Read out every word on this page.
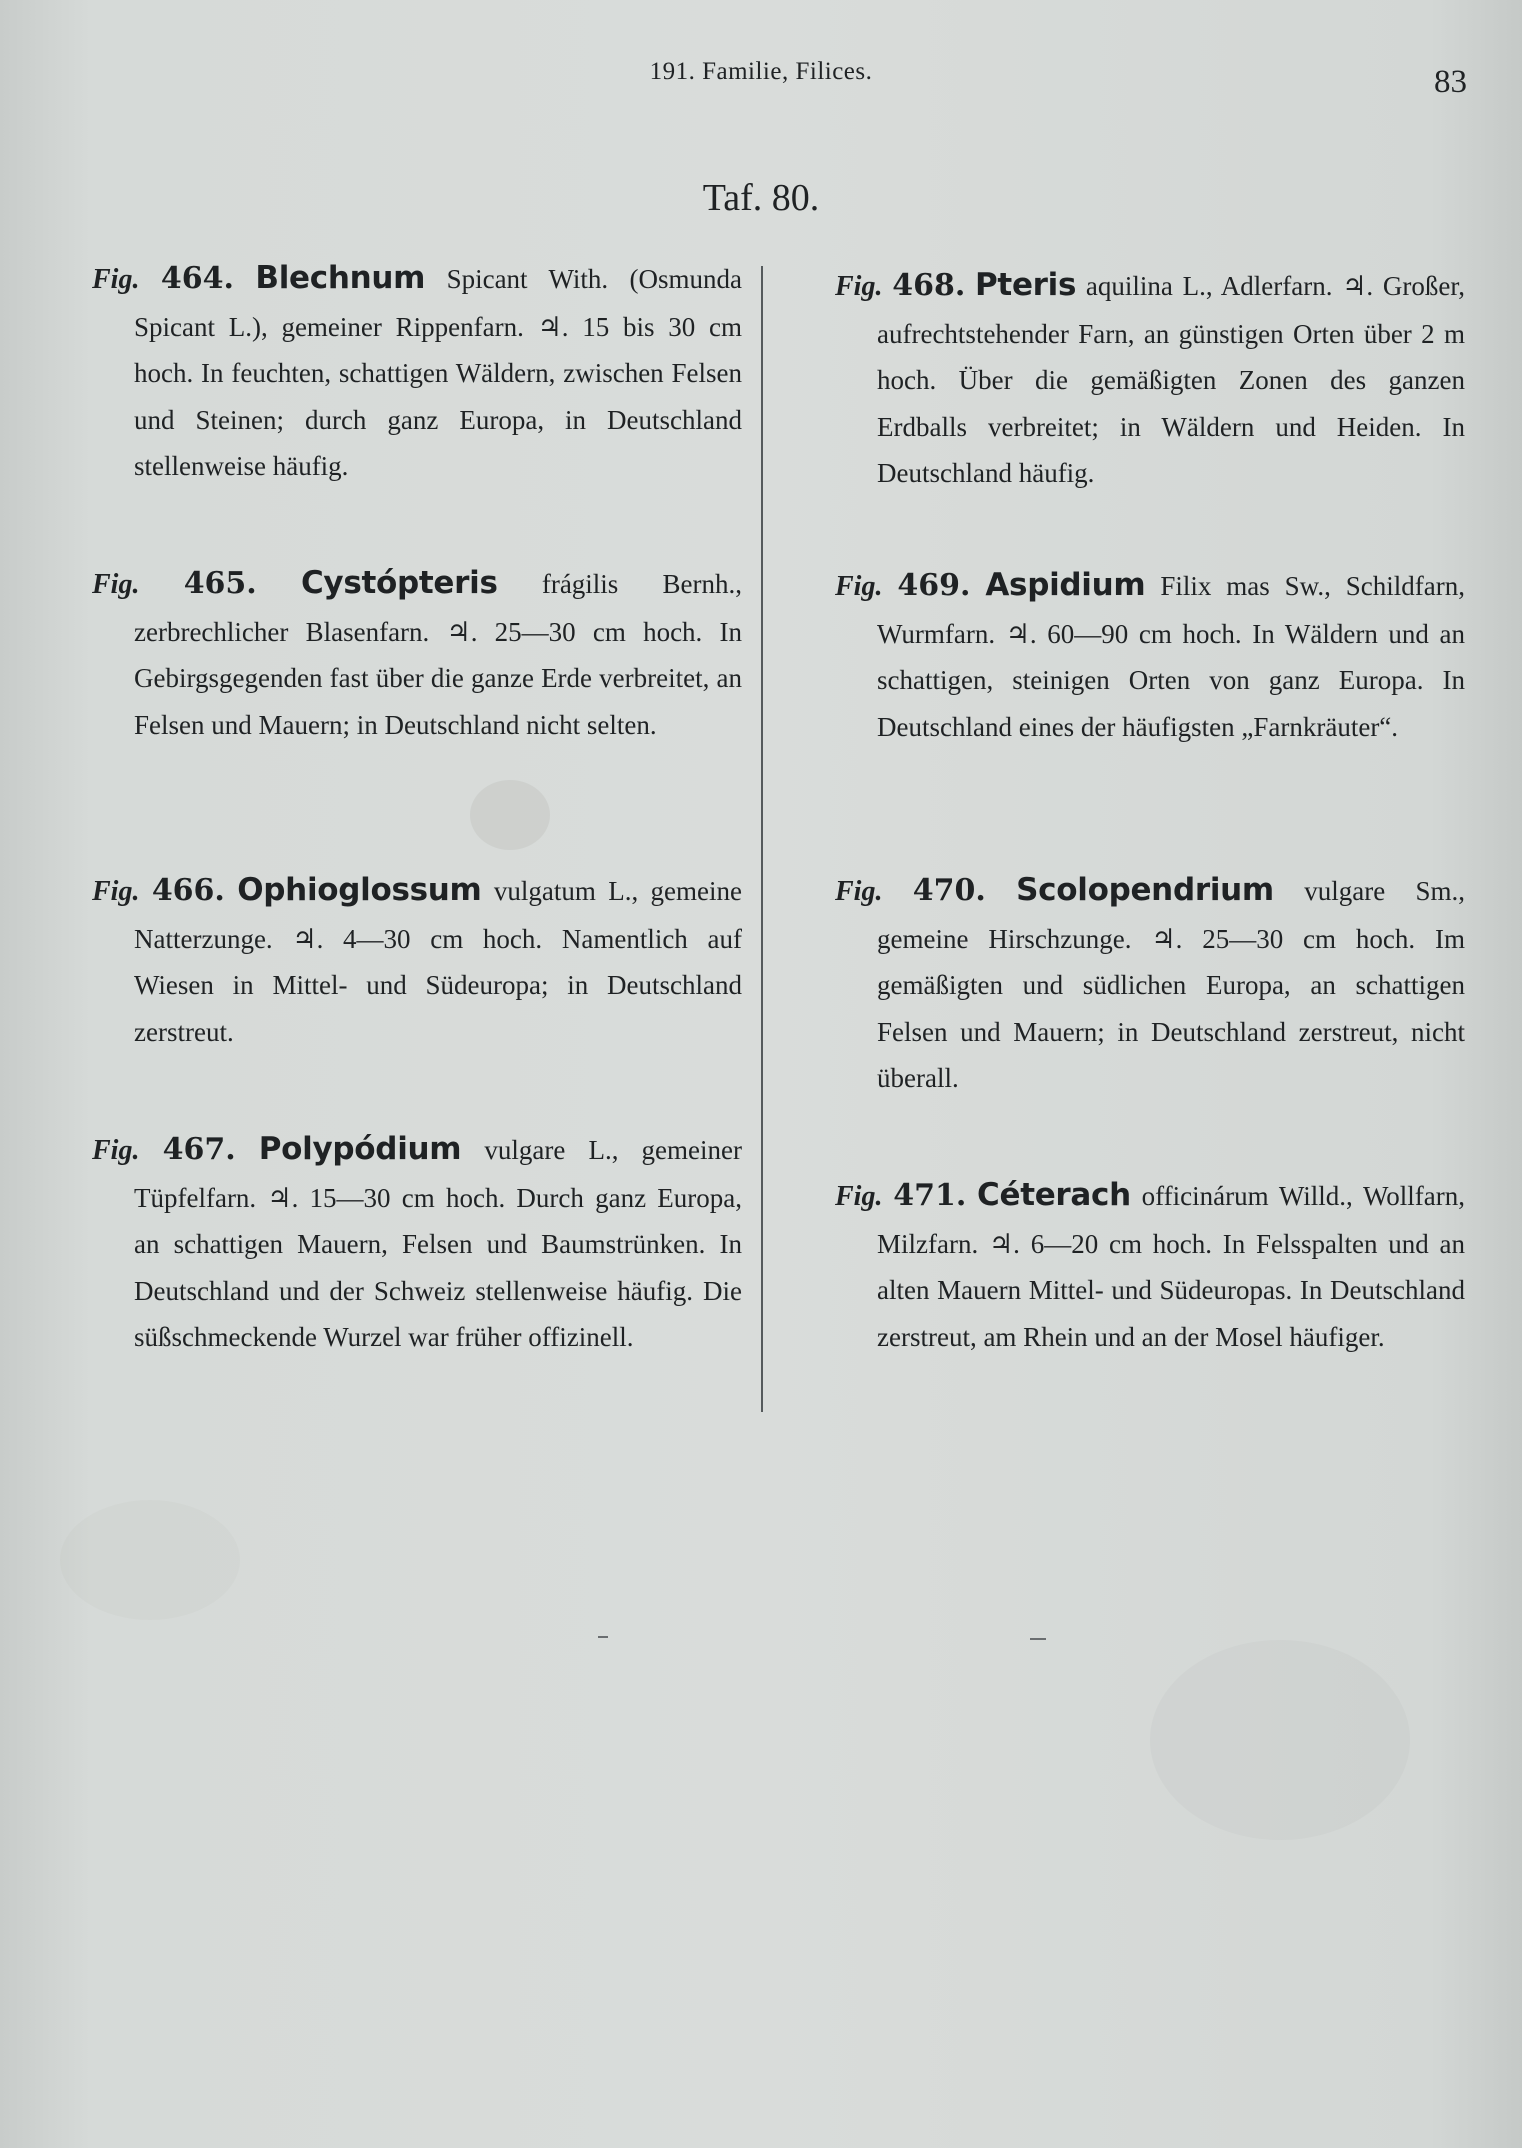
191. Familie, Filices.	83
Taf. 80.

Fig. 464. Blechnum Spicant With. (Osmunda Spicant L.), gemeiner Rippenfarn. ♃. 15 bis 30 cm hoch. In feuchten, schattigen Wäldern, zwischen Felsen und Steinen; durch ganz Europa, in Deutschland stellenweise häufig.

Fig. 465. Cystópteris frágilis Bernh., zerbrechlicher Blasenfarn. ♃. 25—30 cm hoch. In Gebirgsgegenden fast über die ganze Erde verbreitet, an Felsen und Mauern; in Deutschland nicht selten.

Fig. 466. Ophioglossum vulgatum L., gemeine Natterzunge. ♃. 4—30 cm hoch. Namentlich auf Wiesen in Mittel- und Südeuropa; in Deutschland zerstreut.

Fig. 467. Polypódium vulgare L., gemeiner Tüpfelfarn. ♃. 15—30 cm hoch. Durch ganz Europa, an schattigen Mauern, Felsen und Baumstrünken. In Deutschland und der Schweiz stellenweise häufig. Die süßschmeckende Wurzel war früher offizinell.

Fig. 468. Pteris aquilina L., Adlerfarn. ♃. Großer, aufrechtstehender Farn, an günstigen Orten über 2 m hoch. Über die gemäßigten Zonen des ganzen Erdballs verbreitet; in Wäldern und Heiden. In Deutschland häufig.

Fig. 469. Aspidium Filix mas Sw., Schildfarn, Wurmfarn. ♃. 60—90 cm hoch. In Wäldern und an schattigen, steinigen Orten von ganz Europa. In Deutschland eines der häufigsten „Farnkräuter“.

Fig. 470. Scolopendrium vulgare Sm., gemeine Hirschzunge. ♃. 25—30 cm hoch. Im gemäßigten und südlichen Europa, an schattigen Felsen und Mauern; in Deutschland zerstreut, nicht überall.

Fig. 471. Céterach officinárum Willd., Wollfarn, Milzfarn. ♃. 6—20 cm hoch. In Felsspalten und an alten Mauern Mittel- und Südeuropas. In Deutschland zerstreut, am Rhein und an der Mosel häufiger.
